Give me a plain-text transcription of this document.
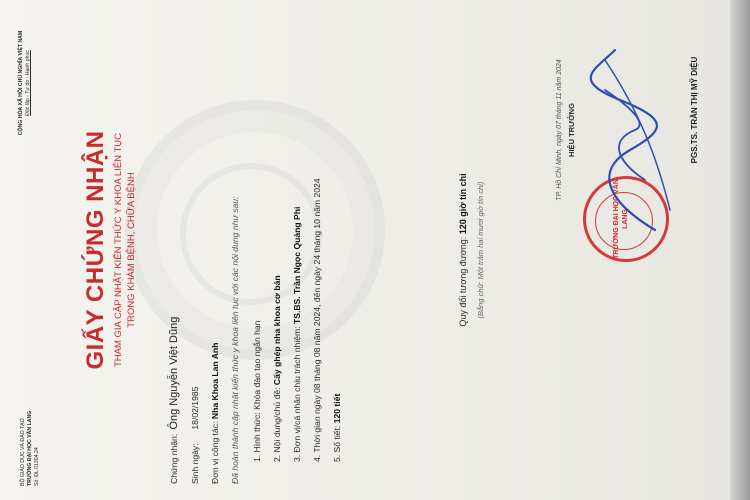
BỘ GIÁO DỤC VÀ ĐÀO TẠO TRƯỜNG ĐẠI HỌC VĂN LANG Số: ĐL 01304.24
CỘNG HÒA XÃ HỘI CHỦ NGHĨA VIỆT NAM Độc lập - Tự do - Hạnh phúc
GIẤY CHỨNG NHẬN THAM GIA CẬP NHẬT KIẾN THỨC Y KHOA LIÊN TỤC TRONG KHÁM BỆNH, CHỮA BỆNH
Chứng nhận: Ông Nguyễn Việt Dũng
Sinh ngày: 18/02/1985
Đơn vị công tác: Nha Khoa Lan Anh Đã hoàn thành cập nhật kiến thức y khoa liên tục với các nội dung như sau: 1. Hình thức: Khóa đào tạo ngắn hạn
2. Nội dung/chủ đề: Cấy ghép nha khoa cơ bản 3. Đơn vị/cá nhân chịu trách nhiệm: TS.BS. Trần Ngọc Quảng Phi 4. Thời gian ngày 08 tháng 08 năm 2024, đến ngày 24 tháng 10 năm 2024 5. Số tiết: 120 tiết
Quy đổi tương đương: 120 giờ tín chỉ (Bằng chữ: Một trăm hai mươi giờ tín chỉ)
TP. Hồ Chí Minh, ngày 07 tháng 11 năm 2024 HIỆU TRƯỞNG
TRƯỜNG ĐẠI HỌC VĂN LANG
PGS.TS. TRẦN THỊ MỸ DIỆU
